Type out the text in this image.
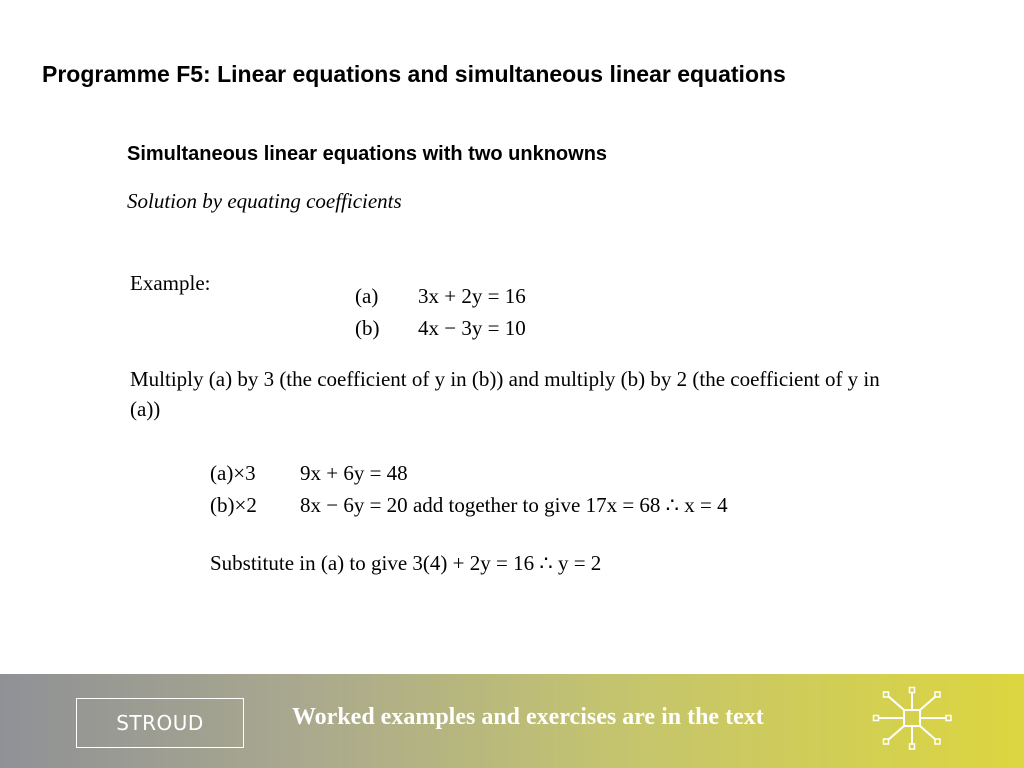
Programme F5: Linear equations and simultaneous linear equations
Simultaneous linear equations with two unknowns
Solution by equating coefficients
Example:
(a) 3x + 2y = 16
(b) 4x − 3y = 10
Multiply (a) by 3 (the coefficient of y in (b)) and multiply (b) by 2 (the coefficient of y in (a))
(a)×3 9x + 6y = 48
(b)×2 8x − 6y = 20 add together to give 17x = 68 ∴ x = 4
Substitute in (a) to give 3(4) + 2y = 16 ∴ y = 2
STROUD	Worked examples and exercises are in the text
